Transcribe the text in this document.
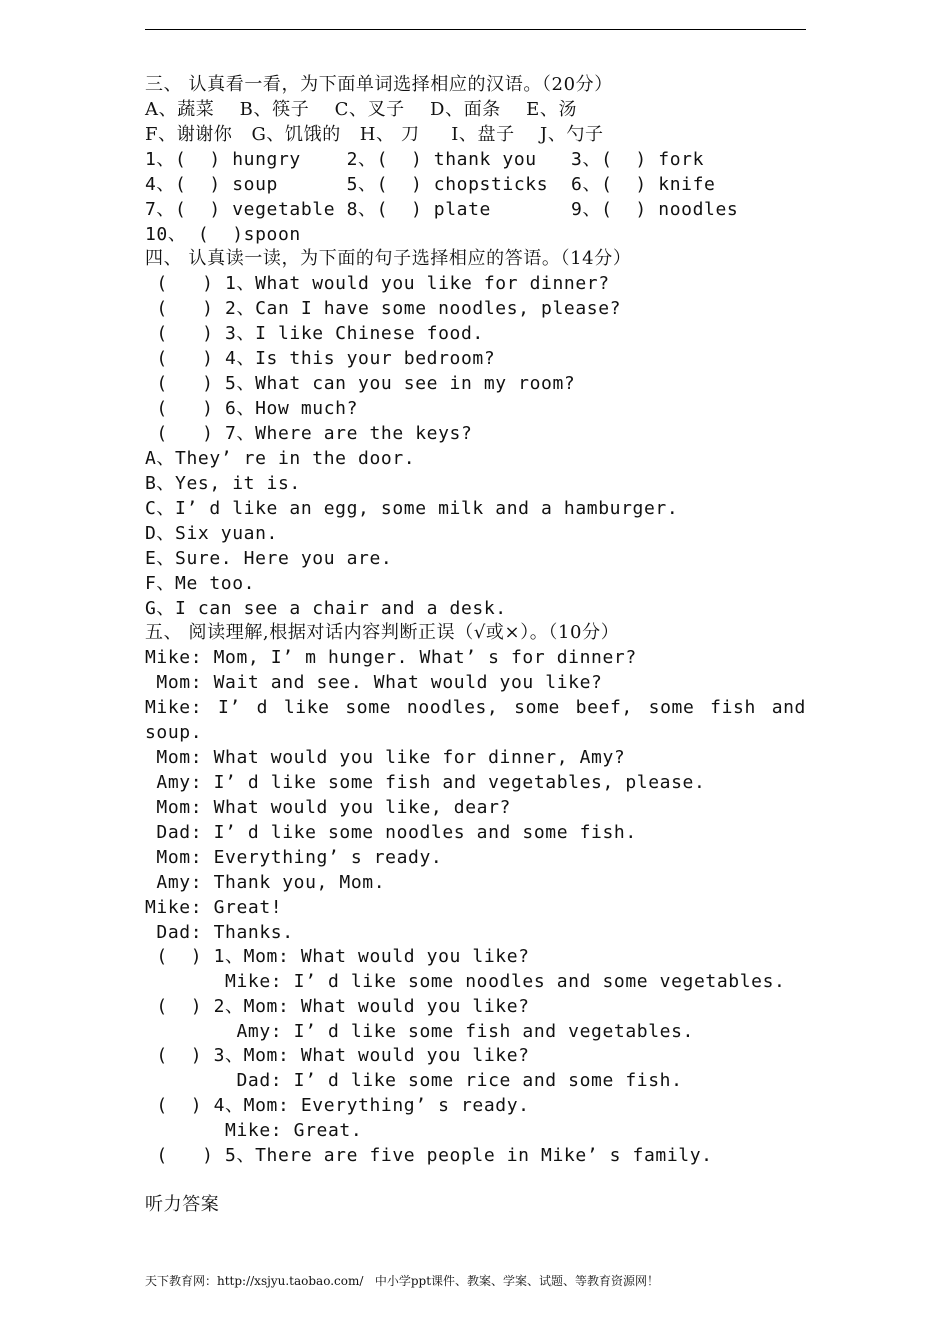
三、 认真看一看，为下面单词选择相应的汉语。（20分）
A、蔬菜    B、筷子    C、叉子    D、面条    E、汤
F、谢谢你   G、饥饿的   H、 刀     I、盘子    J、勺子
1、(  ) hungry    2、(  ) thank you   3、(  ) fork
4、(  ) soup      5、(  ) chopsticks  6、(  ) knife
7、(  ) vegetable 8、(  ) plate       9、(  ) noodles
10、 (  )spoon
四、 认真读一读，为下面的句子选择相应的答语。（14分）
(   ) 1、What would you like for dinner?
(   ) 2、Can I have some noodles, please?
(   ) 3、I like Chinese food.
(   ) 4、Is this your bedroom?
(   ) 5、What can you see in my room?
(   ) 6、How much?
(   ) 7、Where are the keys?
A、They’ re in the door.
B、Yes, it is.
C、I’ d like an egg, some milk and a hamburger.
D、Six yuan.
E、Sure. Here you are.
F、Me too.
G、I can see a chair and a desk.
五、 阅读理解,根据对话内容判断正误（√或×）。（10分）
Mike: Mom, I’ m hunger. What’ s for dinner?
Mom: Wait and see. What would you like?
Mike: I’ d like some noodles, some beef, some fish and
soup.
Mom: What would you like for dinner, Amy?
Amy: I’ d like some fish and vegetables, please.
Mom: What would you like, dear?
Dad: I’ d like some noodles and some fish.
Mom: Everything’ s ready.
Amy: Thank you, Mom.
Mike: Great!
Dad: Thanks.
(  ) 1、Mom: What would you like?
Mike: I’ d like some noodles and some vegetables.
(  ) 2、Mom: What would you like?
Amy: I’ d like some fish and vegetables.
(  ) 3、Mom: What would you like?
Dad: I’ d like some rice and some fish.
(  ) 4、Mom: Everything’ s ready.
Mike: Great.
(   ) 5、There are five people in Mike’ s family.
听力答案
天下教育网：http://xsjyu.taobao.com/   中小学ppt课件、教案、学案、试题、等教育资源网！
